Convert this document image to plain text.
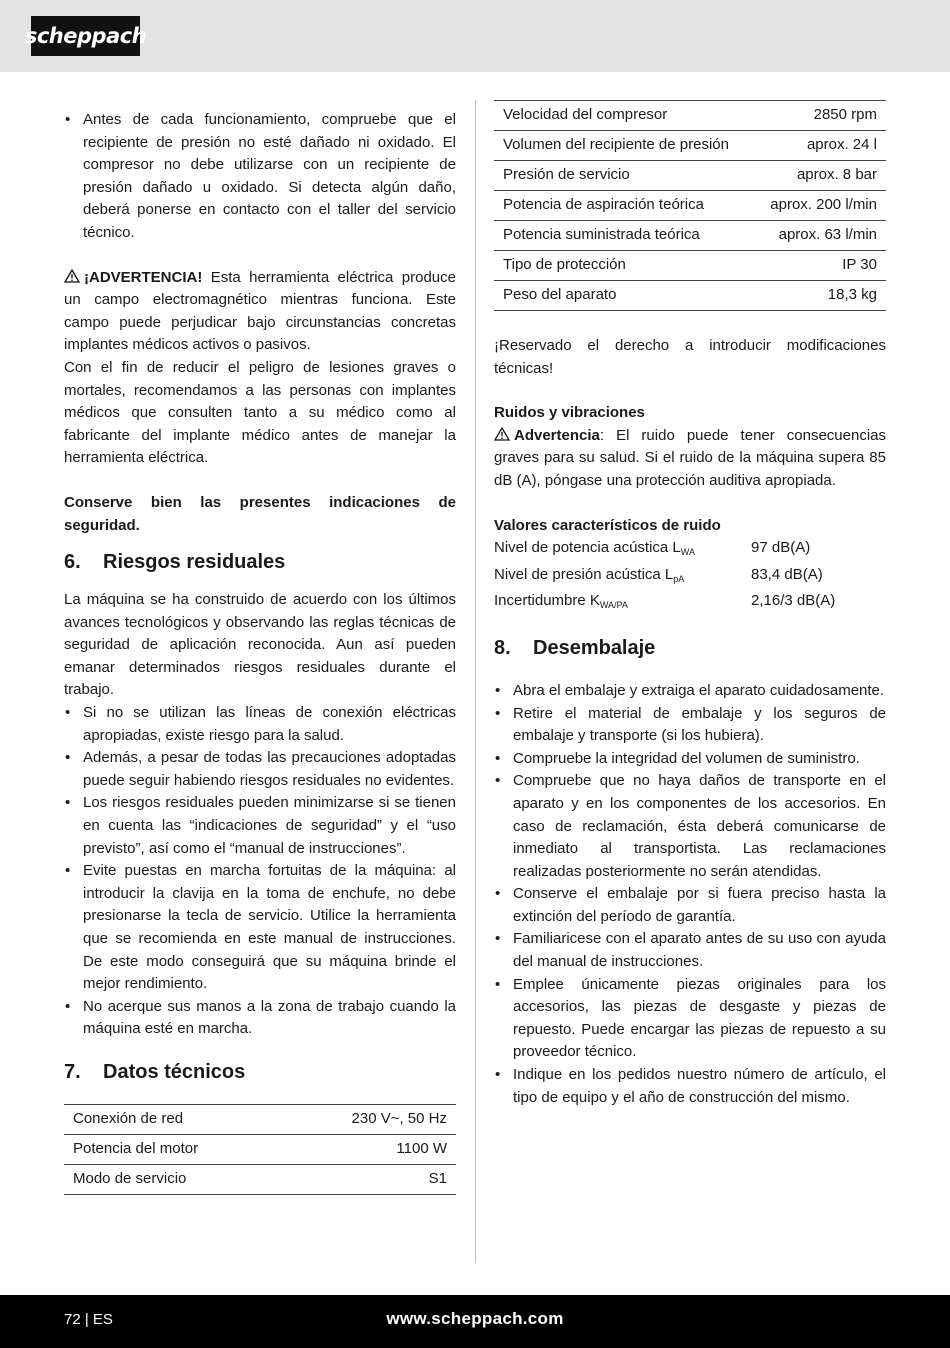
scheppach
• Antes de cada funcionamiento, compruebe que el recipiente de presión no esté dañado ni oxidado. El compresor no debe utilizarse con un recipiente de presión dañado u oxidado. Si detecta algún daño, deberá ponerse en contacto con el taller del servicio técnico.

¡ADVERTENCIA! Esta herramienta eléctrica produce un campo electromagnético mientras funciona. Este campo puede perjudicar bajo circunstancias concretas implantes médicos activos o pasivos.

Con el fin de reducir el peligro de lesiones graves o mortales, recomendamos a las personas con implantes médicos que consulten tanto a su médico como al fabricante del implante médico antes de manejar la herramienta eléctrica.

Conserve bien las presentes indicaciones de seguridad.

6.	Riesgos residuales

La máquina se ha construido de acuerdo con los últimos avances tecnológicos y observando las reglas técnicas de seguridad de aplicación reconocida. Aun así pueden emanar determinados riesgos residuales durante el trabajo.

• Si no se utilizan las líneas de conexión eléctricas apropiadas, existe riesgo para la salud.
• Además, a pesar de todas las precauciones adoptadas puede seguir habiendo riesgos residuales no evidentes.
• Los riesgos residuales pueden minimizarse si se tienen en cuenta las “indicaciones de seguridad” y el “uso previsto”, así como el “manual de instrucciones”.
• Evite puestas en marcha fortuitas de la máquina: al introducir la clavija en la toma de enchufe, no debe presionarse la tecla de servicio. Utilice la herramienta que se recomienda en este manual de instrucciones. De este modo conseguirá que su máquina brinde el mejor rendimiento.
• No acerque sus manos a la zona de trabajo cuando la máquina esté en marcha.
7.	Datos técnicos
Conexión de red	230 V~, 50 Hz
Potencia del motor	1100 W
Modo de servicio	S1
Velocidad del compresor	2850 rpm
Volumen del recipiente de presión	aprox. 24 l
Presión de servicio	aprox. 8 bar
Potencia de aspiración teórica	aprox. 200 l/min
Potencia suministrada teórica	aprox. 63 l/min
Tipo de protección	IP 30
Peso del aparato	18,3 kg

¡Reservado el derecho a introducir modificaciones técnicas!

Ruidos y vibraciones

Advertencia: El ruido puede tener consecuencias graves para su salud. Si el ruido de la máquina supera 85 dB (A), póngase una protección auditiva apropiada.

Valores característicos de ruido

Nivel de potencia acústica $L_{WA}$	97 dB(A)
Nivel de presión acústica $L_{pA}$	83,4 dB(A)
Incertidumbre $K_{WA/PA}$	2,16/3 dB(A)
8.	Desembalaje
• Abra el embalaje y extraiga el aparato cuidadosamente.
• Retire el material de embalaje y los seguros de embalaje y transporte (si los hubiera).
• Compruebe la integridad del volumen de suministro.
• Compruebe que no haya daños de transporte en el aparato y en los componentes de los accesorios. En caso de reclamación, ésta deberá comunicarse de inmediato al transportista. Las reclamaciones realizadas posteriormente no serán atendidas.
• Conserve el embalaje por si fuera preciso hasta la extinción del período de garantía.
• Familiaricese con el aparato antes de su uso con ayuda del manual de instrucciones.
• Emplee únicamente piezas originales para los accesorios, las piezas de desgaste y piezas de repuesto. Puede encargar las piezas de repuesto a su proveedor técnico.
• Indique en los pedidos nuestro número de artículo, el tipo de equipo y el año de construcción del mismo.
72 | ES	www.scheppach.com
